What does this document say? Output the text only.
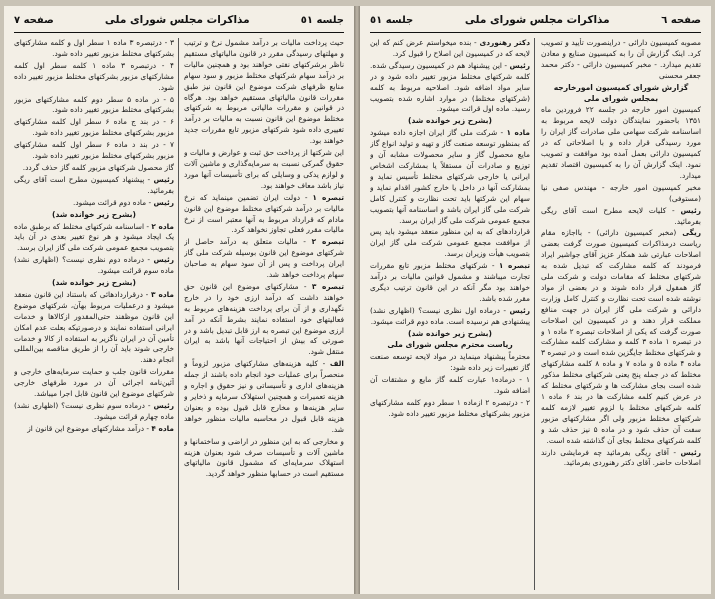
جلسه ٥١
مذاکرات مجلس شورای ملی
صفحه ٧

حیث پرداخت مالیات بر درآمد مشمول نرخ و ترتیب و مهلتهای رسیدگی مقرر در قانون مالیاتهای مستقیم ناظر برشرکتهای نفتی خواهند بود و همچنین مالیات بر درآمد سهام شرکتهای مختلط مزبور و سود سهام منابع ظرفهای شرکت موضوع این قانون نیز طبق مقررات قانون مالیاتهای مستقیم خواهد بود. هرگاه در قوانین و مقررات مالیاتی مربوط به شرکتهای مختلط موضوع این قانون نسبت به مالیات بر درآمد تغییری داده شود شرکتهای مزبور تابع مقررات جدید خواهند بود.

این شرکتها از پرداخت حق ثبت و عوارض و مالیات و حقوق گمرکی نسبت به سرمایه‌گذاری و ماشین آلات و لوازم یدکی و وسایلی که برای تأسیسات آنها مورد نیاز باشد معاف خواهند بود.

تبصره ۱ - دولت ایران تضمین مینماید که نرخ مالیات بر درآمد شرکتهای مختلط موضوع این قانون مادام که قرارداد مربوط به آنها معتبر است از نرخ مالیات مقرر فعلی تجاوز نخواهد کرد.

تبصره ۲ - مالیات متعلق به درآمد حاصل از شرکتهای موضوع این قانون بوسیله شرکت ملی گاز ایران پرداخت و پس از آن سود سهام به صاحبان سهام پرداخت خواهد شد.

تبصره ۳ - مشارکتهای موضوع این قانون حق خواهند داشت که درآمد ارزی خود را در خارج نگهداری و از آن برای پرداخت هزینه‌های مربوط به فعالیتهای خود استفاده نمایند بشرط آنکه در آمد ارزی موضوع این تبصره به ارز قابل تبدیل باشد و در صورتی که بیش از احتیاجات آنها باشد به ایران منتقل شود.

الف - کلیه هزینه‌های مشارکتهای مزبور لزوماً و منحصراً برای عملیات خود انجام داده باشند از جمله هزینه‌های اداری و تأسیساتی و نیز حقوق و اجاره و هزینه تعمیرات و همچنین استهلاک سرمایه و ذخایر و سایر هزینه‌ها و مخارج قابل قبول بوده و بعنوان هزینه قابل قبول در محاسبه مالیات منظور خواهد شد.

و مخارجی که به این منظور در اراضی و ساختمانها و ماشین آلات و تأسیسات صرف شود بعنوان هزینه استهلاک سرمایه‌ای که مشمول قانون مالیاتهای مستقیم است در حسابها منظور خواهد گردید.

۳ - درتبصره ۳ ماده ۱ سطر اول و کلمه مشارکتهای بشرکتهای مختلط مزبور تغییر داده شود.

۴ - درتبصره ۳ ماده ۱ کلمه سطر اول کلمه مشارکتهای مزبور بشرکتهای مختلط مزبور تغییر داده شود.

۵ - در ماده ۵ سطر دوم کلمه مشارکتهای مزبور بشرکتهای مختلط مزبور تغییر داده شود.

۶ - در بند ج ماده ۶ سطر اول کلمه مشارکتهای مزبور بشرکتهای مختلط مزبور تغییر داده شود.

۷ - در بند د ماده ۶ سطر اول کلمه مشارکتهای مزبور بشرکتهای مختلط مزبور تغییر داده شود.

گاز محصول شرکتهای مزبور کلمه گاز حذف گردد.

رئیس - پیشنهاد کمیسیون مطرح است آقای ریگی بفرمائید.

رئیس - ماده دوم قرائت میشود.

(بشرح زیر خوانده شد)

ماده ۲ - اساسنامه شرکتهای مختلط که برطبق ماده یک ایجاد میشود و هر نوع تغییر بعدی در آن باید بتصویب مجمع عمومی شرکت ملی گاز ایران برسد.

رئیس - درماده دوم نظری نیست؟ (اظهاری نشد) ماده سوم قرائت میشود.

(بشرح زیر خوانده شد)

ماده ۳ - درقراردادهائی که باستناد این قانون منعقد میشود و درعملیات مربوط بهآن، شرکتهای موضوع این قانون موظفند حتی‌المقدور ازکالاها و خدمات ایرانی استفاده نمایند و درصورتیکه بعلت عدم امکان تأمین آن در ایران ناگزیر به استفاده از کالا و خدمات خارجی شوند باید آن را از طریق مناقصه بین‌المللی انجام دهند.

مقررات قانون جلب و حمایت سرمایه‌های خارجی و آئین‌نامه اجرائی آن در مورد طرفهای خارجی شرکتهای موضوع این قانون قابل اجرا میباشد.

رئیس - درماده سوم نظری نیست؟ (اظهاری نشد) ماده چهارم قرائت میشود.

ماده ۴ - درآمد مشارکتهای موضوع این قانون از

صفحه ٦
مذاکرات مجلس شورای ملی
جلسه ٥١

مصوبه کمیسیون دارائی - دراینصورت تأیید و تصویب کرد. اینک گزارش آن را به کمیسیون صنایع و معادن تقدیم میدارد. - مخبر کمیسیون دارائی - دکتر محمد جعفر محسنی

گزارش شورای کمیسیون امورخارجه بمجلس شورای ملی

کمیسیون امور خارجه در جلسه ۲۲ فروردین ماه ۱۳۵۱ باحضور نمایندگان دولت لایحه مربوط به اساسنامه شرکت سهامی ملی صادرات گاز ایران را مورد رسیدگی قرار داده و با اصلاحاتی که در کمیسیون دارائی بعمل آمده بود موافقت و تصویب نمود. اینک گزارش آن را به کمیسیون اقتصاد تقدیم میدارد.

مخبر کمیسیون امور خارجه - مهندس صفی نیا (مستوفی)

رئیس - کلیات لایحه مطرح است آقای ریگی بفرمائید.

ریگی (مخبر کمیسیون دارائی) - بااجازه مقام ریاست درمذاکرات کمیسیون صورت گرفت بعضی اصلاحات عبارتی شد همکار عزیز آقای جواشیر ایراد فرمودند که کلمه مشارکت که تبدیل شده به شرکتهای مختلط که مقامات دولت و شرکت ملی گاز همقول قرار داده شوند و در بعضی از مواد نوشته شده است تحت نظارت و کنترل کامل وزارت دارائی و شرکت ملی گاز ایران در جهت منافع مملکت قرار دهند و در کمیسیون این اصلاحات صورت گرفت که یکی از اصلاحات تبصره ۲ ماده ۱ و در تبصره ۱ ماده ۳ کلمه و مشارکت کلمه مشارکت و شرکتهای مختلط جایگزین شده است و در تبصره ۳ ماده ۴ ماده ۵ و ماده ۷ و ماده ۸ کلمه مشارکتهای مختلط که در جمله پنج یعنی شرکتهای مختلط مذکور شده است بجای مشارکت ها و شرکتهای مختلط که در عرض کنیم کلمه مشارکت ها در بند ۶ ماده ۱ کلمه شرکتهای مختلط با لزوم تغییر لازمه کلمه شرکتهای مختلط مزبور ولی اگر مشارکتهای مزبور سفت آن حذف شود و در ماده ۵ نیز حذف شد و کلمه شرکتهای مختلط بجای آن گذاشته شده است.

رئیس - آقای ریگی بفرمائید چه فرمایشی دارند اصلاحات حاضر. آقای دکتر رهنوردی بفرمائید.

دکتر رهنوردی - بنده میخواستم عرض کنم که این لایحه که در کمیسیون این اصلاح را قبول کرد.

رئیس - این پیشنهاد هم در کمیسیون رسیدگی شده. کلمه شرکتهای مختلط مزبور تغییر داده شود و در سایر مواد اضافه شود. اصلاحیه مربوط به کلمه (شرکتهای مختلط) در موارد اشاره شده بتصویب رسید. ماده اول قرائت میشود.

(بشرح زیر خوانده شد)

ماده ۱ - شرکت ملی گاز ایران اجازه داده میشود که بمنظور توسعه صنعت گاز و تهیه و تولید انواع گاز مایع محصول گاز و سایر محصولات مشابه آن و توزیع و صادرات آن مستقلاً یا بمشارکت اشخاص ایرانی یا خارجی شرکتهای مختلط تأسیس نماید و بمشارکت آنها در داخل یا خارج کشور اقدام نماید و سهام این شرکتها باید تحت نظارت و کنترل کامل شرکت ملی گاز ایران باشد و اساسنامه آنها بتصویب مجمع عمومی شرکت ملی گاز ایران برسد.

قراردادهای که به این منظور منعقد میشود باید پس از موافقت مجمع عمومی شرکت ملی گاز ایران بتصویب هیأت وزیران برسد.

تبصره ۱ - شرکتهای مختلط مزبور تابع مقررات تجارت میباشند و مشمول قوانین مالیات بر درآمد خواهند بود مگر آنکه در این قانون ترتیب دیگری مقرر شده باشد.

رئیس - درماده اول نظری نیست؟ (اظهاری نشد) پیشنهادی هم نرسیده است. ماده دوم قرائت میشود.

(بشرح زیر خوانده شد)

ریاست محترم مجلس شورای ملی

محترماً پیشنهاد مینماید در مواد لایحه توسعه صنعت گاز تغییرات زیر داده شود:

۱ - درماده۱ عبارت کلمه گاز مایع و مشتقات آن اضافه شود.

۲ - درتبصره ۲ ازماده ۱ سطر دوم کلمه مشارکتهای مزبور بشرکتهای مختلط مزبور تغییر داده شود.
